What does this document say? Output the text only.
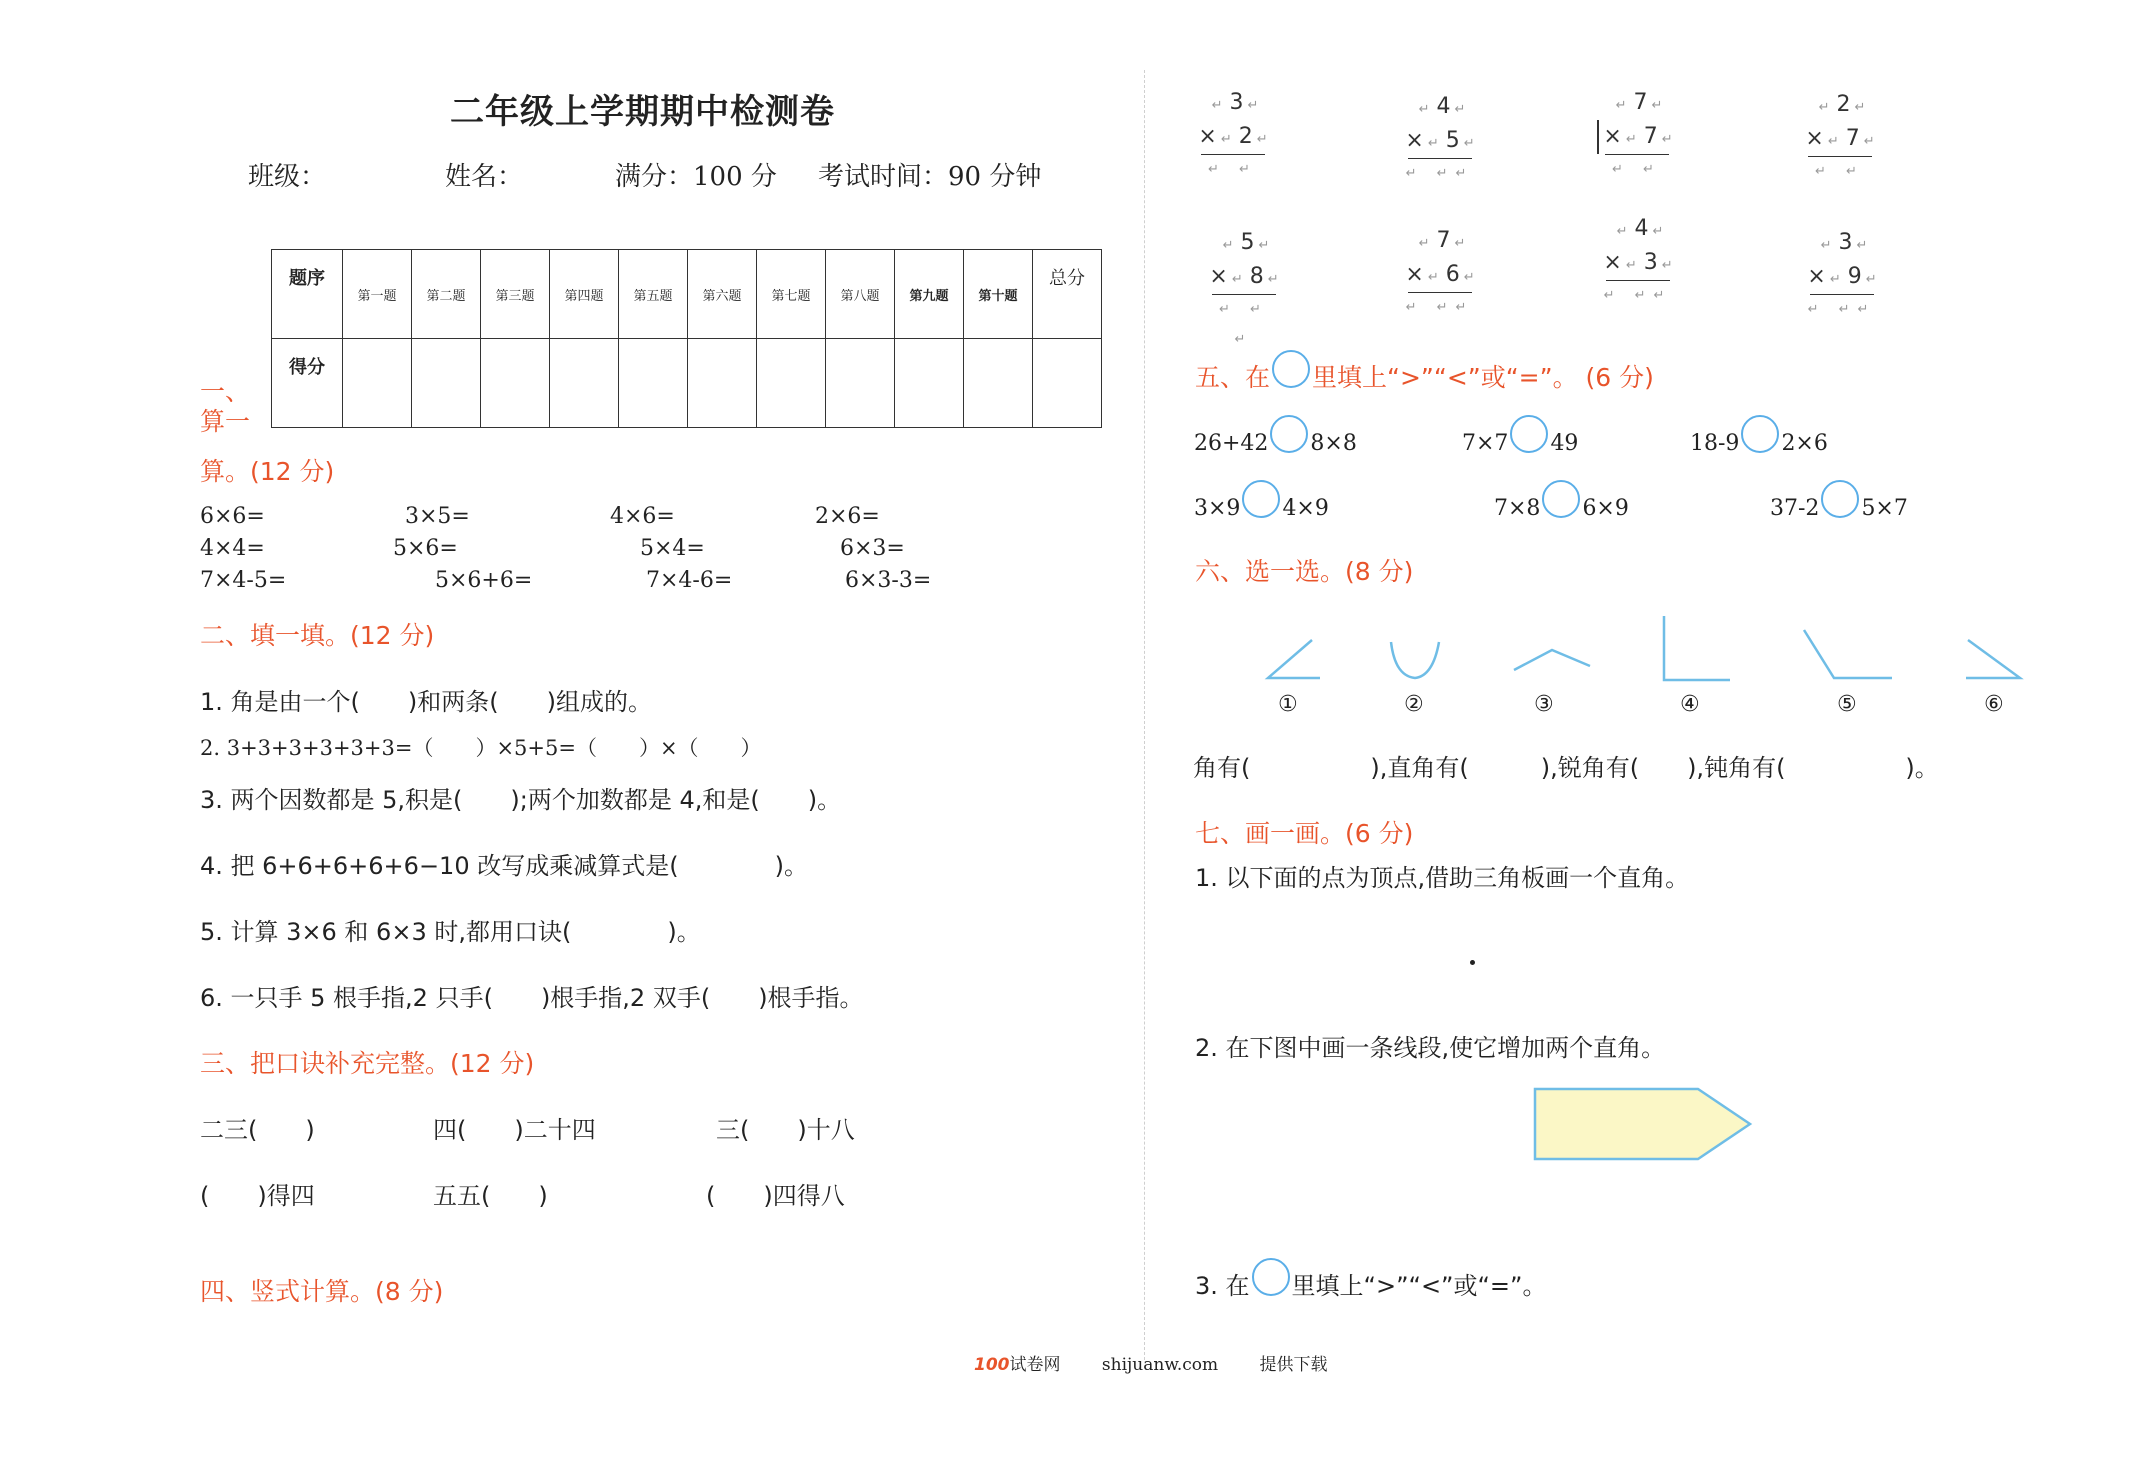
二年级上学期期中检测卷
班级：	姓名：	满分：100 分 考试时间：90 分钟
题序	第一题	第二题	第三题	第四题	第五题	第六题	第七题	第八题	第九题	第十题	总分
得分											
一、
算一
算。(12 分)
6×6=	3×5=	4×6=	2×6=
4×4=	5×6=	5×4=	6×3=
7×4-5=	5×6+6=	7×4-6=	6×3-3=
二、填一填。(12 分)
1. 角是由一个(　　)和两条(　　)组成的。
2. 3+3+3+3+3+3=（　　）×5+5=（　　）×（　　）
3. 两个因数都是 5,积是(　　);两个加数都是 4,和是(　　)。
4. 把 6+6+6+6+6−10 改写成乘减算式是(　　　　)。
5. 计算 3×6 和 6×3 时,都用口诀(　　　　)。
6. 一只手 5 根手指,2 只手(　　)根手指,2 双手(　　)根手指。
三、把口诀补充完整。(12 分)
二三(　　)	四(　　)二十四	三(　　)十八
(　　)得四	五五(　　)	(　　)四得八
四、竖式计算。(8 分)
↵ 3 ↵
× ↵ 2 ↵
↵ ↵
↵ 4 ↵
× ↵ 5 ↵
↵ ↵↵
↵ 7 ↵
× ↵ 7 ↵
↵ ↵
↵ 2 ↵
× ↵ 7 ↵
↵ ↵
↵ 5 ↵
× ↵ 8 ↵
↵ ↵ ↵
↵ 7 ↵
× ↵ 6 ↵
↵ ↵↵
↵ 4 ↵
× ↵ 3 ↵
↵ ↵↵
↵ 3 ↵
× ↵ 9 ↵
↵ ↵↵
五、在 里填上“>”“<”或“=”。 (6 分)
26+42 8×8	7×7 49	18-9 2×6
3×9 4×9	7×8 6×9	37-2 5×7
六、选一选。(8 分)
①	②	③	④	⑤	⑥
角有(　　　　　),直角有(　　　),锐角有(　　),钝角有(　　　　　)。
七、画一画。(6 分)
1. 以下面的点为顶点,借助三角板画一个直角。
2. 在下图中画一条线段,使它增加两个直角。
3. 在 里填上“>”“<”或“=”。
100试卷网 shijuanw.com 提供下载
